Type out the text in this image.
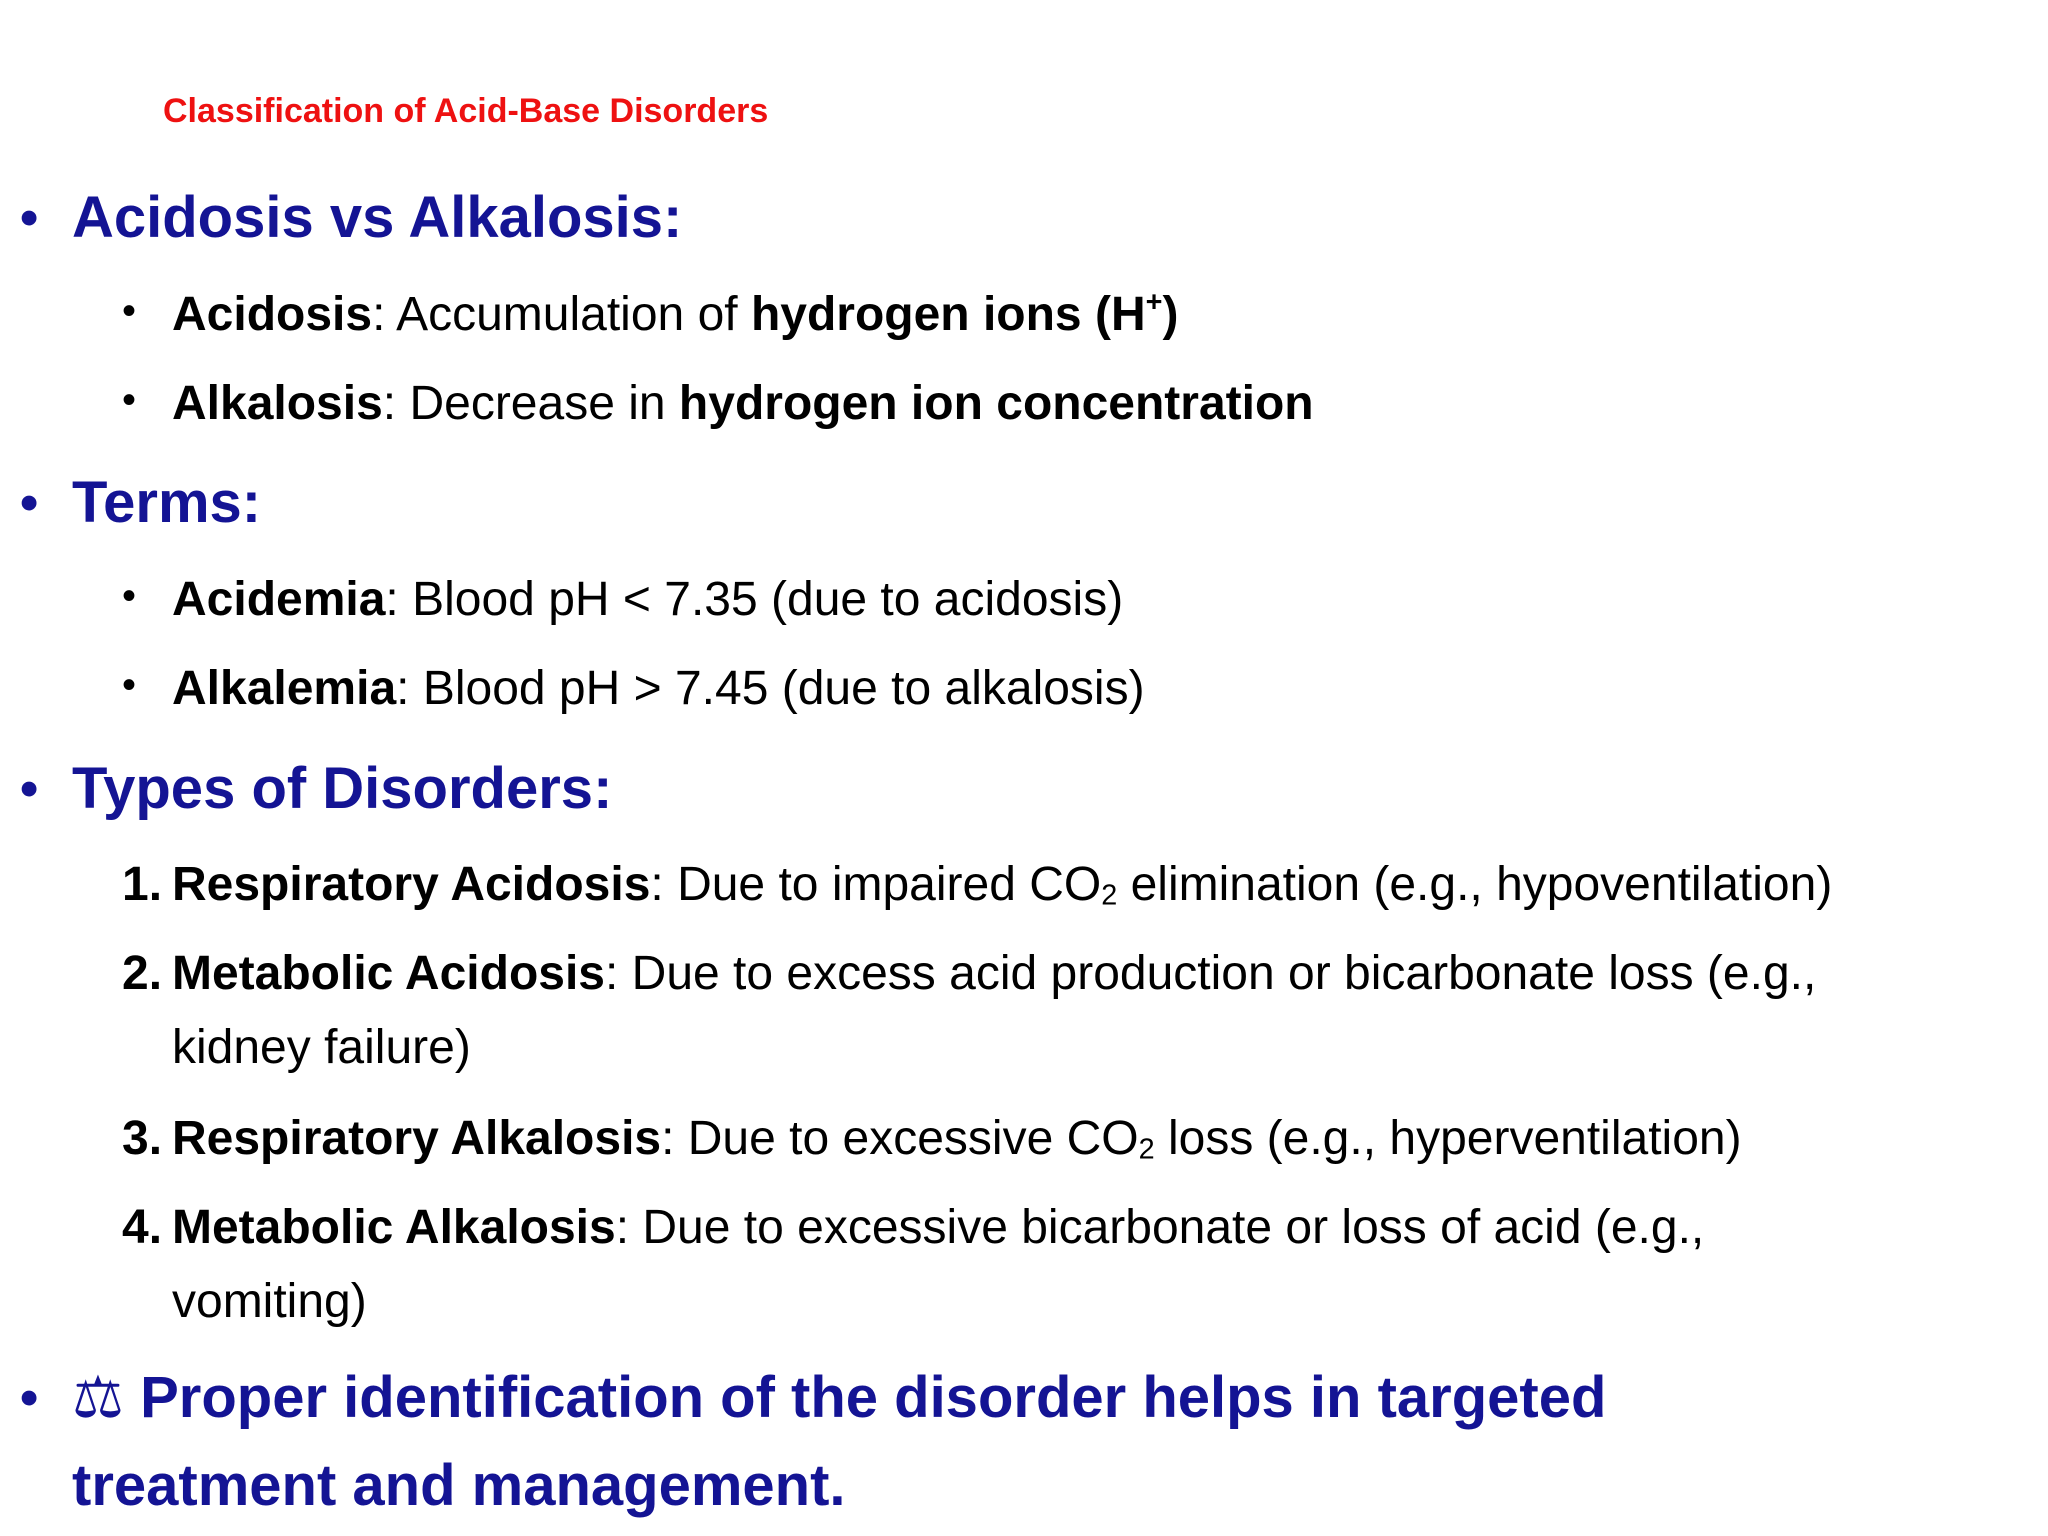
Classification of Acid-Base Disorders
• Acidosis vs Alkalosis:
• Acidosis: Accumulation of hydrogen ions (H+)
• Alkalosis: Decrease in hydrogen ion concentration
• Terms:
• Acidemia: Blood pH < 7.35 (due to acidosis)
• Alkalemia: Blood pH > 7.45 (due to alkalosis)
• Types of Disorders:
1. Respiratory Acidosis: Due to impaired $CO_2$ elimination (e.g., hypoventilation)
2. Metabolic Acidosis: Due to excess acid production or bicarbonate loss (e.g.,
kidney failure)
3. Respiratory Alkalosis: Due to excessive $CO_2$ loss (e.g., hyperventilation)
4. Metabolic Alkalosis: Due to excessive bicarbonate or loss of acid (e.g.,
vomiting)
• ⚖ Proper identification of the disorder helps in targeted
treatment and management.
